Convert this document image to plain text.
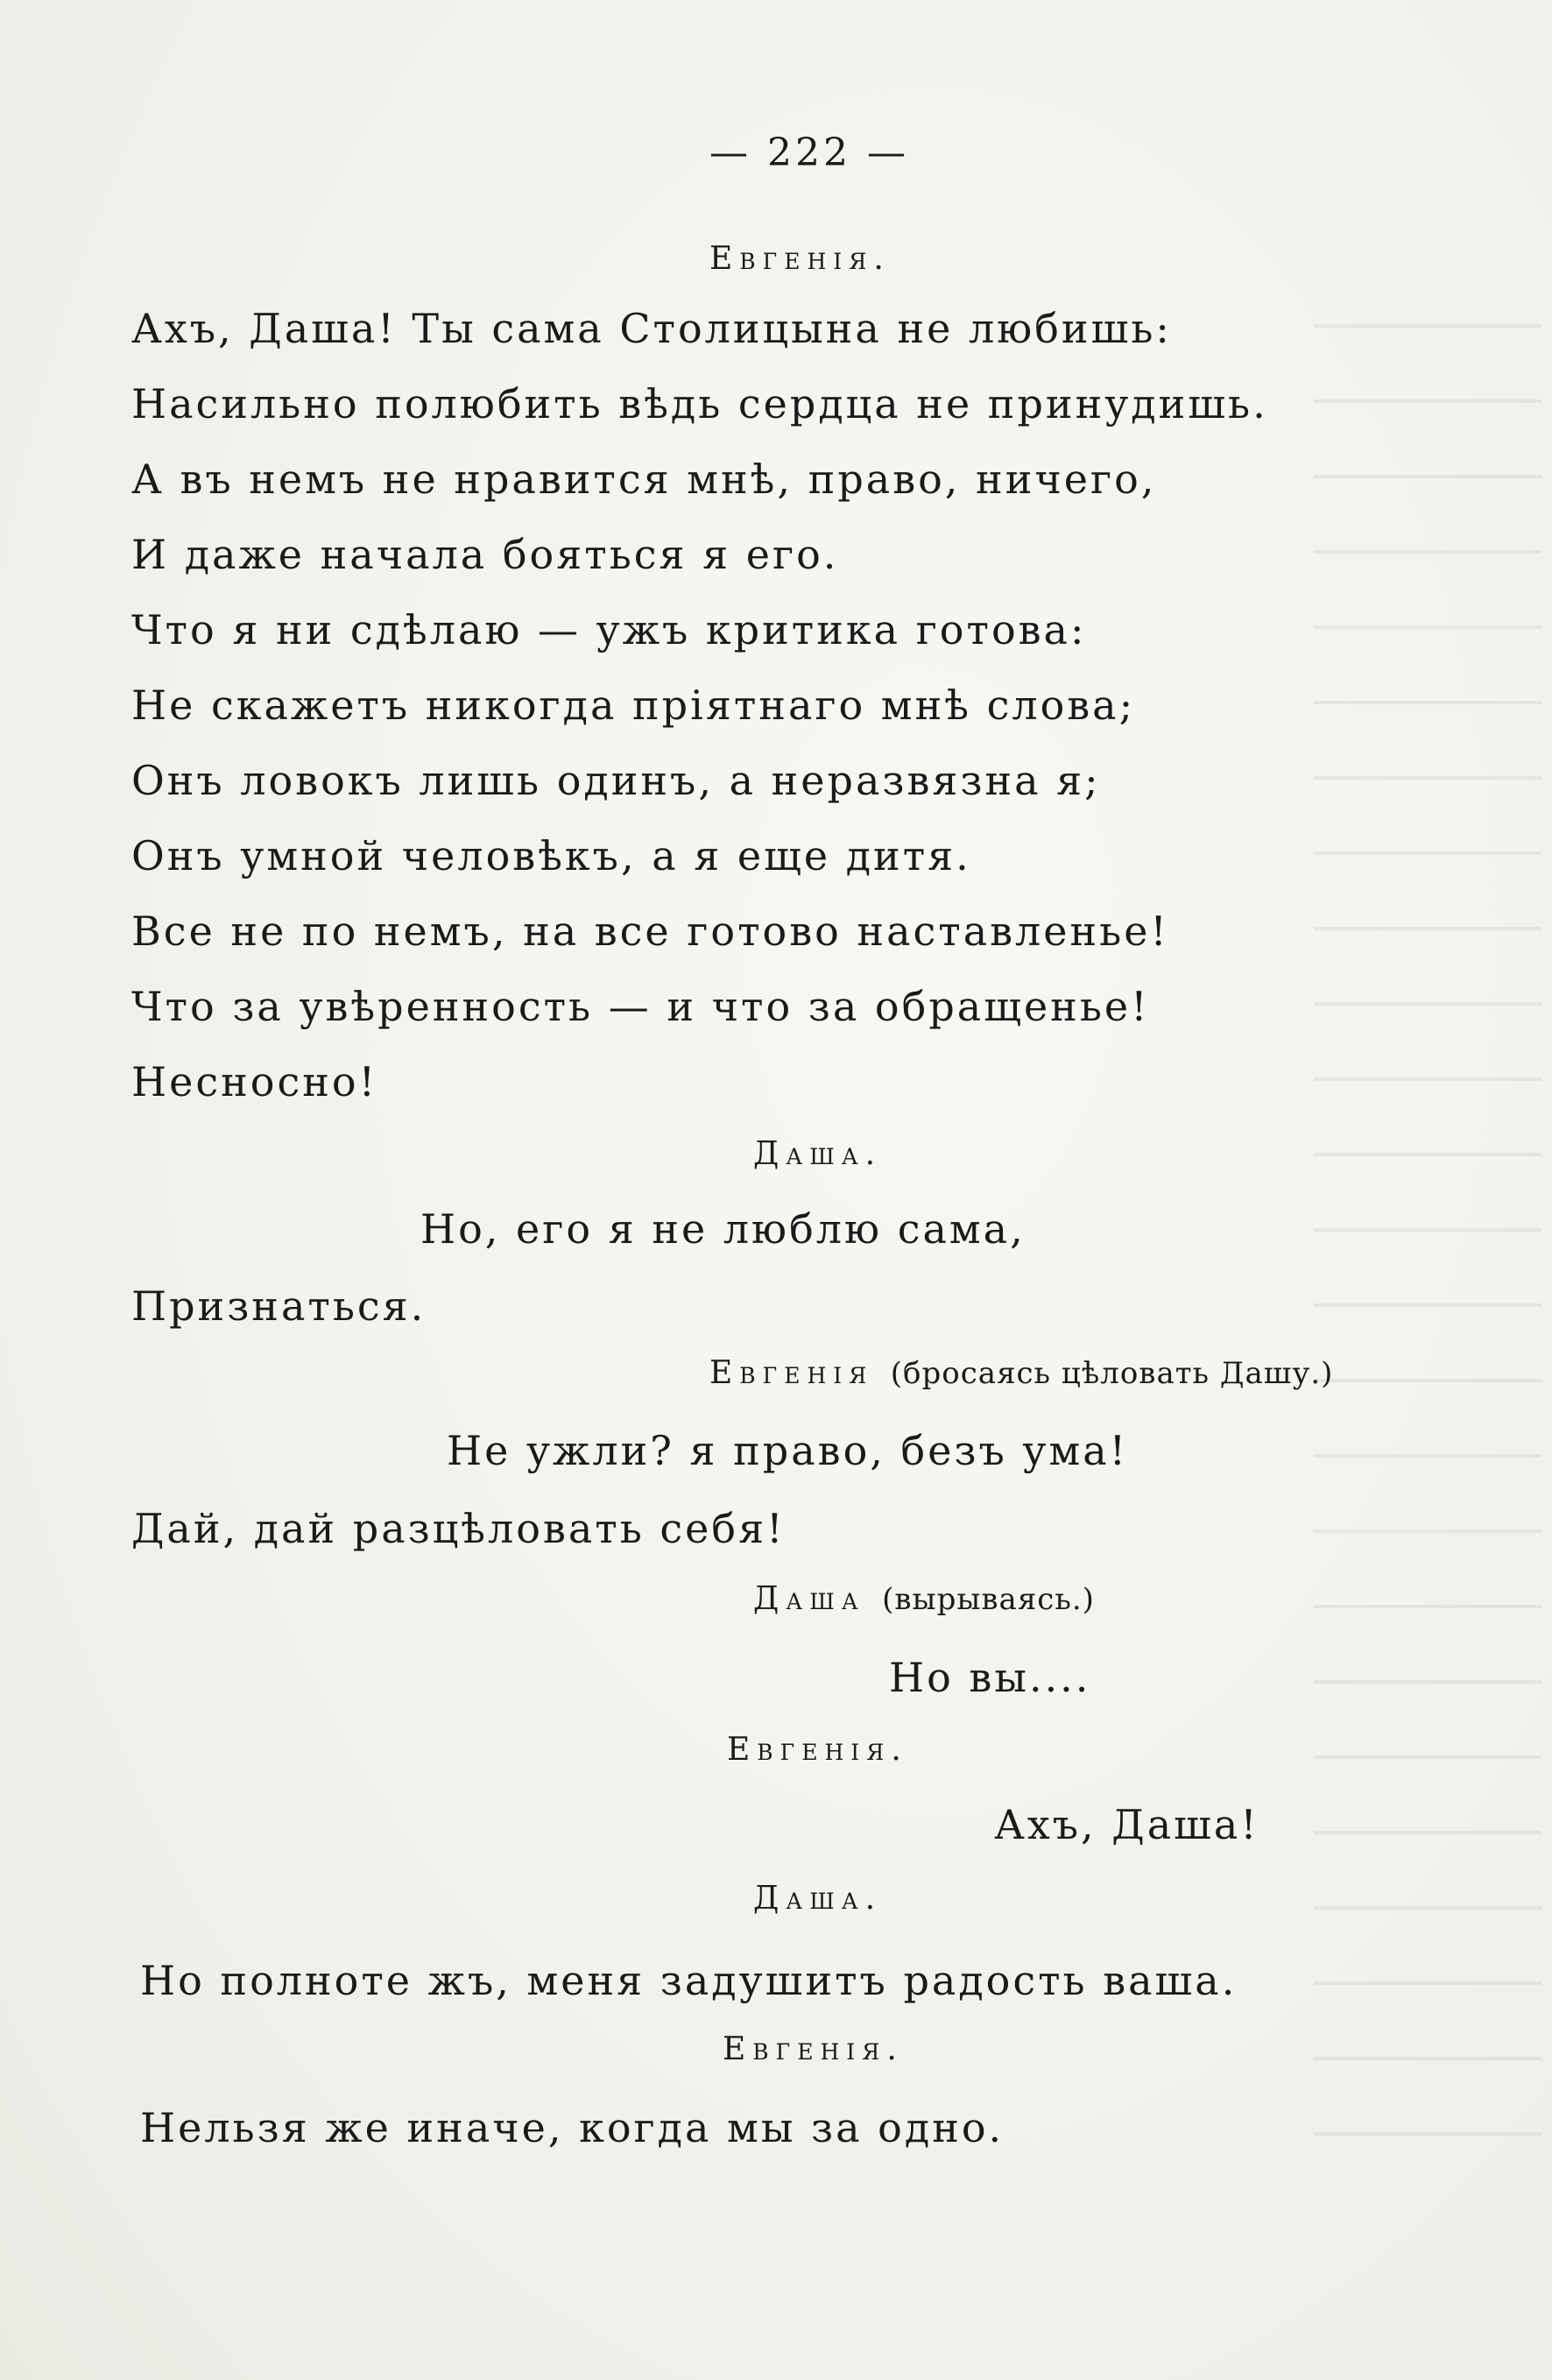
— 222 —
Евгенія.
Ахъ, Даша! Ты сама Столицына не любишь:
Насильно полюбить вѣдь сердца не принудишь.
А въ немъ не нравится мнѣ, право, ничего,
И даже начала бояться я его.
Что я ни сдѣлаю — ужъ критика готова:
Не скажетъ никогда пріятнаго мнѣ слова;
Онъ ловокъ лишь одинъ, а неразвязна я;
Онъ умной человѣкъ, а я еще дитя.
Все не по немъ, на все готово наставленье!
Что за увѣренность — и что за обращенье!
Несносно!
Даша.
Но, его я не люблю сама,
Признаться.
Евгенія (бросаясь цѣловать Дашу.)
Не ужли? я право, безъ ума!
Дай, дай разцѣловать себя!
Даша (вырываясь.)
Но вы....
Евгенія.
Ахъ, Даша!
Даша.
Но полноте жъ, меня задушитъ радость ваша.
Евгенія.
Нельзя же иначе, когда мы за одно.
